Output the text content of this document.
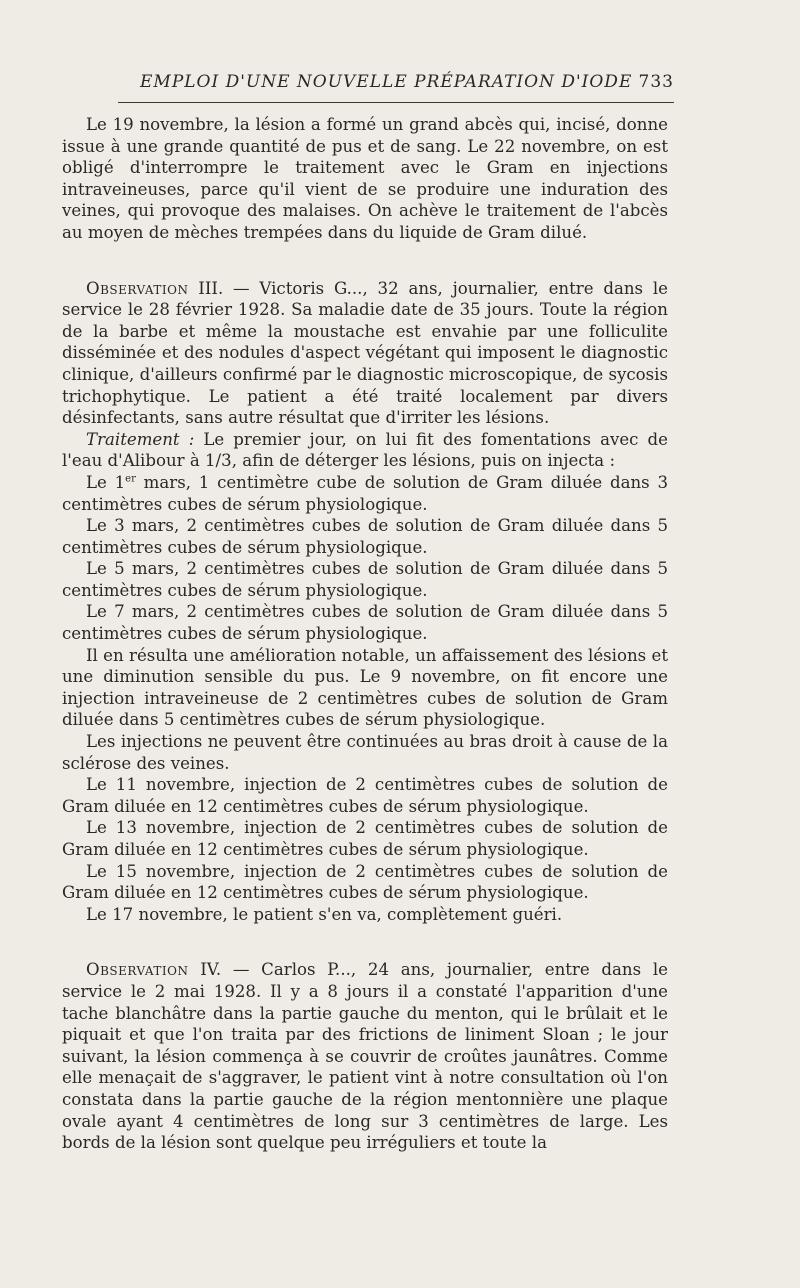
EMPLOI D'UNE NOUVELLE PRÉPARATION D'IODE 733

Le 19 novembre, la lésion a formé un grand abcès qui, incisé, donne issue à une grande quantité de pus et de sang. Le 22 novembre, on est obligé d'interrompre le traitement avec le Gram en injections intraveineuses, parce qu'il vient de se produire une induration des veines, qui provoque des malaises. On achève le traitement de l'abcès au moyen de mèches trempées dans du liquide de Gram dilué.

Observation III. — Victoris G..., 32 ans, journalier, entre dans le service le 28 février 1928. Sa maladie date de 35 jours. Toute la région de la barbe et même la moustache est envahie par une folliculite disséminée et des nodules d'aspect végétant qui imposent le diagnostic clinique, d'ailleurs confirmé par le diagnostic microscopique, de sycosis trichophytique. Le patient a été traité localement par divers désinfectants, sans autre résultat que d'irriter les lésions.

Traitement : Le premier jour, on lui fit des fomentations avec de l'eau d'Alibour à 1/3, afin de déterger les lésions, puis on injecta :

Le 1er mars, 1 centimètre cube de solution de Gram diluée dans 3 centimètres cubes de sérum physiologique.

Le 3 mars, 2 centimètres cubes de solution de Gram diluée dans 5 centimètres cubes de sérum physiologique.

Le 5 mars, 2 centimètres cubes de solution de Gram diluée dans 5 centimètres cubes de sérum physiologique.

Le 7 mars, 2 centimètres cubes de solution de Gram diluée dans 5 centimètres cubes de sérum physiologique.

Il en résulta une amélioration notable, un affaissement des lésions et une diminution sensible du pus. Le 9 novembre, on fit encore une injection intraveineuse de 2 centimètres cubes de solution de Gram diluée dans 5 centimètres cubes de sérum physiologique.

Les injections ne peuvent être continuées au bras droit à cause de la sclérose des veines.

Le 11 novembre, injection de 2 centimètres cubes de solution de Gram diluée en 12 centimètres cubes de sérum physiologique.

Le 13 novembre, injection de 2 centimètres cubes de solution de Gram diluée en 12 centimètres cubes de sérum physiologique.

Le 15 novembre, injection de 2 centimètres cubes de solution de Gram diluée en 12 centimètres cubes de sérum physiologique.

Le 17 novembre, le patient s'en va, complètement guéri.

Observation IV. — Carlos P..., 24 ans, journalier, entre dans le service le 2 mai 1928. Il y a 8 jours il a constaté l'apparition d'une tache blanchâtre dans la partie gauche du menton, qui le brûlait et le piquait et que l'on traita par des frictions de liniment Sloan ; le jour suivant, la lésion commença à se couvrir de croûtes jaunâtres. Comme elle menaçait de s'aggraver, le patient vint à notre consultation où l'on constata dans la partie gauche de la région mentonnière une plaque ovale ayant 4 centimètres de long sur 3 centimètres de large. Les bords de la lésion sont quelque peu irréguliers et toute la
